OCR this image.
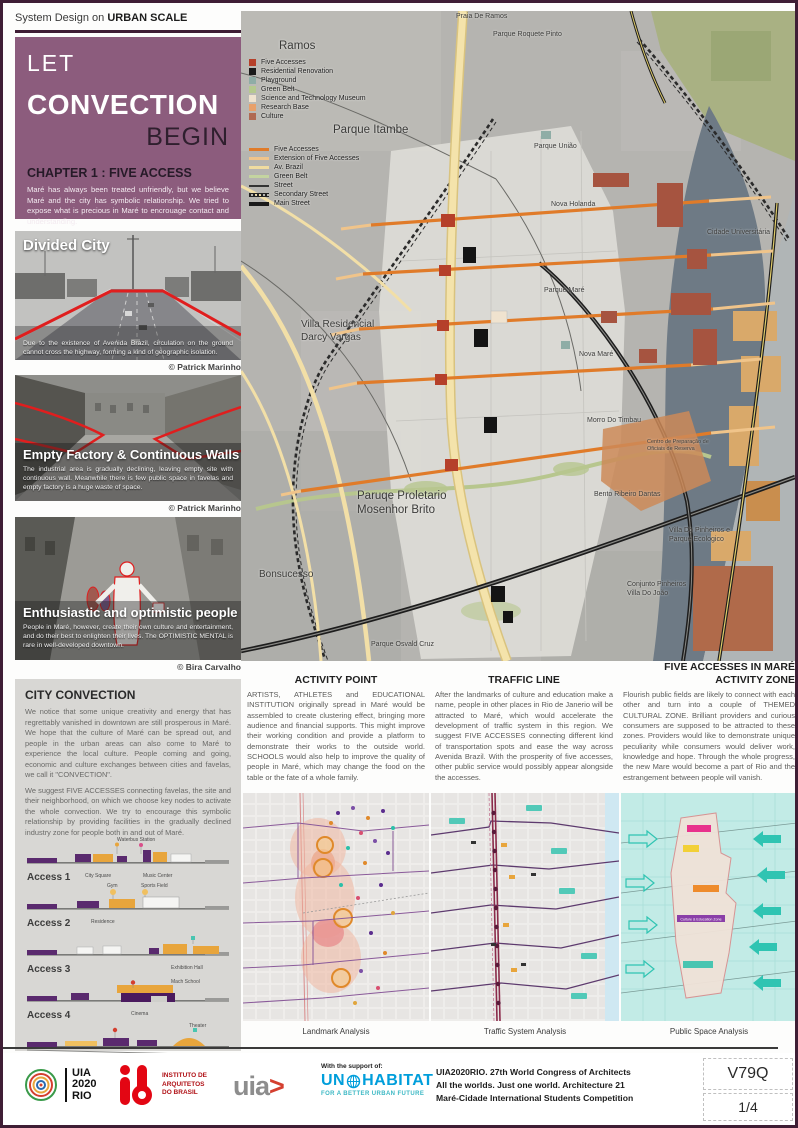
System Design on URBAN SCALE
LET
CONVECTION
BEGIN
CHAPTER 1 : FIVE ACCESS
Maré has always been treated unfriendly, but we believe Maré and the city has symbolic relationship. We tried to expose what is precious in Maré to encrouage contact and understanding.
Divided City
Due to the existence of Avenida Brazil, circulation on the ground cannot cross the highway, forming a kind of geographic isolation.
© Patrick Marinho
Empty Factory & Continuous Walls
The industrial area is gradually declining, leaving empty site with continuous wall. Meanwhile there is few public space in favelas and empty factory is a huge waste of space.
© Patrick Marinho
Enthusiastic and optimistic people
People in Maré, however, create their own culture and entertainment, and do their best to enlighten their lives. The OPTIMISTIC MENTAL is rare in well-developed downtown.
© Bira Carvalho
CITY CONVECTION

We notice that some unique creativity and energy that has regrettably vanished in downtown are still prosperous in Maré. We hope that the culture of Maré can be spread out, and people in the urban areas can also come to Maré to experience the local culture. People coming and going, economic and culture exchanges between cities and favelas, we call it "CONVECTION".

We suggest FIVE ACCESSES connecting favelas, the site and their neighborhood, on which we choose key nodes to activate the whole convection. We try to encourage this symbolic relationship by providing facilities in the gradually declined industry zone for people both in and out of Maré.

Waterbus Station
City Square	Music Center
Access 1
Gym	Sports Field
Residence
Access 2
Exhibition Hall
Access 3
Mach School
Cinema
Access 4
Theater
Five Accesses
Residential Renovation
Playground
Green Belt
Science and Technology Museum
Research Base
Culture
Five Accesses
Extension of Five Accesses
Av. Brazil
Green Belt
Street
Secondary Street
Main Street
Praia De Ramos
Parque Roquete Pinto
Ramos
Parque Itambe
Parque União
Nova Holanda
Parque Maré
Villa Residencial
Darcy Vargas
Nova Maré
Morro Do Timbau
Bento Ribeiro Dantas
Paruqe Proletario
Mosenhor Brito
Bonsucesso
Cidade Universitária
Villa Do Pinheiros e
Parque Ecologico
Conjunto Pinheiros
Villa Do João
Parque Osvald Cruz
Centro de Preparação de
Oficiais de Reserva
ACTIVITY POINT

ARTISTS, ATHLETES and EDUCATIONAL INSTITUTION originally spread in Maré would be assembled to create clustering effect, bringing more audience and financial supports. This might improve their working condition and provide a platform to demonstrate their works to the outside world. SCHOOLS would also help to improve the quality of people in Maré, which may change the food on the table or the fate of a whole family.

TRAFFIC LINE

After the landmarks of culture and education make a name, people in other places in Rio de Janerio will be attracted to Maré, which would accelerate the development of traffic system in this region. We suggest FIVE ACCESSES connecting different kind of transportation spots and ease the way across Avenida Brazil. With the prosperity of five accesses, other public service would possibly appear alongside the accesses.

FIVE ACCESSES IN MARÉ
ACTIVITY ZONE

Flourish public fields are likely to connect with each other and turn into a couple of THEMED CULTURAL ZONE. Brilliant providers and curious consumers are supposed to be attracted to these zones. Providers would like to demonstrate unique peculiarity while consumers would deliver work, knowledge and hope. Through the whole progress, the new Mare would become a part of Rio and the estrangement between people will vanish.

Landmark Analysis	Traffic System Analysis
Culture & Education Zone
Public Space Analysis
UIA
2020
RIO
INSTITUTO DE
ARQUITETOS
DO BRASIL	uia>
With the support of:
UN HABITAT
FOR A BETTER URBAN FUTURE
UIA2020RIO. 27th World Congress of Architects
All the worlds. Just one world. Architecture 21
Maré-Cidade International Students Competition
V79Q
1/4
